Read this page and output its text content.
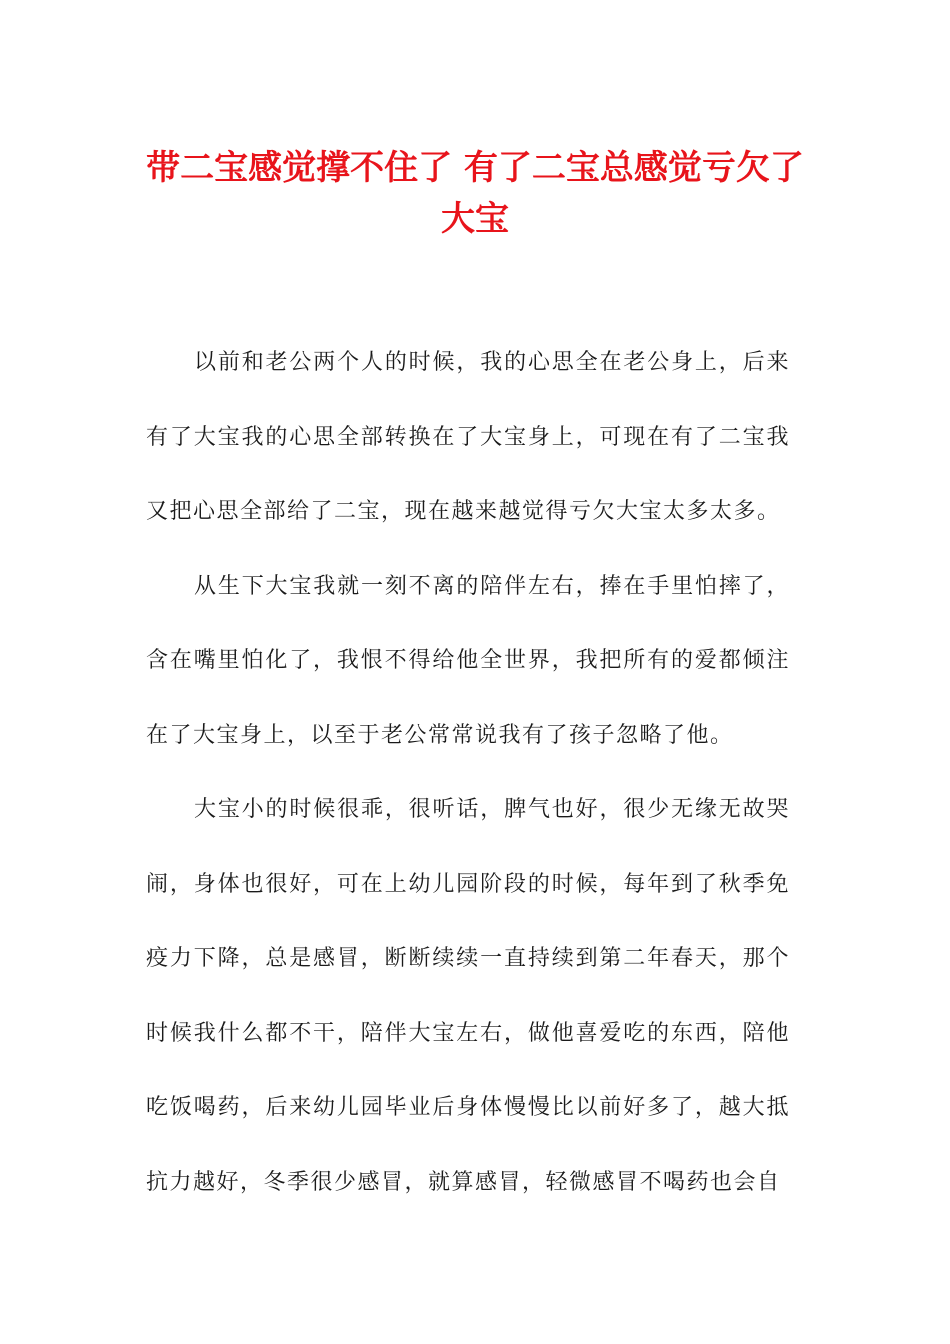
带二宝感觉撑不住了 有了二宝总感觉亏欠了大宝

以前和老公两个人的时候，我的心思全在老公身上，后来有了大宝我的心思全部转换在了大宝身上，可现在有了二宝我又把心思全部给了二宝，现在越来越觉得亏欠大宝太多太多。

从生下大宝我就一刻不离的陪伴左右，捧在手里怕摔了，含在嘴里怕化了，我恨不得给他全世界，我把所有的爱都倾注在了大宝身上，以至于老公常常说我有了孩子忽略了他。

大宝小的时候很乖，很听话，脾气也好，很少无缘无故哭闹，身体也很好，可在上幼儿园阶段的时候，每年到了秋季免疫力下降，总是感冒，断断续续一直持续到第二年春天，那个时候我什么都不干，陪伴大宝左右，做他喜爱吃的东西，陪他吃饭喝药，后来幼儿园毕业后身体慢慢比以前好多了，越大抵抗力越好，冬季很少感冒，就算感冒，轻微感冒不喝药也会自
